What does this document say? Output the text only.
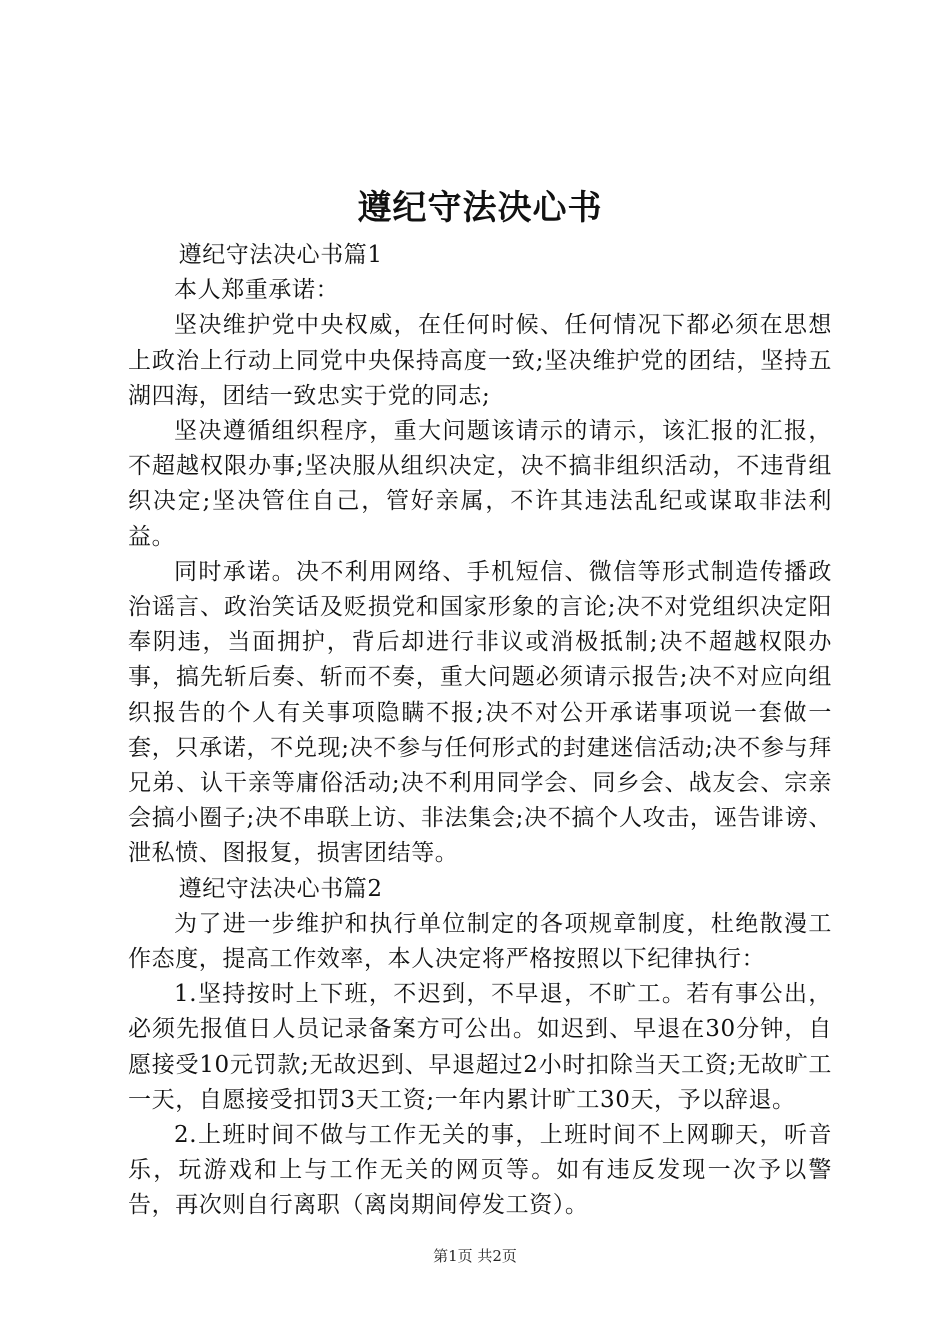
遵纪守法决心书

遵纪守法决心书篇1

本人郑重承诺：

坚决维护党中央权威，在任何时候、任何情况下都必须在思想上政治上行动上同党中央保持高度一致;坚决维护党的团结，坚持五湖四海，团结一致忠实于党的同志;

坚决遵循组织程序，重大问题该请示的请示，该汇报的汇报，不超越权限办事;坚决服从组织决定，决不搞非组织活动，不违背组织决定;坚决管住自己，管好亲属，不许其违法乱纪或谋取非法利益。

同时承诺。决不利用网络、手机短信、微信等形式制造传播政治谣言、政治笑话及贬损党和国家形象的言论;决不对党组织决定阳奉阴违，当面拥护，背后却进行非议或消极抵制;决不超越权限办事，搞先斩后奏、斩而不奏，重大问题必须请示报告;决不对应向组织报告的个人有关事项隐瞒不报;决不对公开承诺事项说一套做一套，只承诺，不兑现;决不参与任何形式的封建迷信活动;决不参与拜兄弟、认干亲等庸俗活动;决不利用同学会、同乡会、战友会、宗亲会搞小圈子;决不串联上访、非法集会;决不搞个人攻击，诬告诽谤、泄私愤、图报复，损害团结等。

遵纪守法决心书篇2

为了进一步维护和执行单位制定的各项规章制度，杜绝散漫工作态度，提高工作效率，本人决定将严格按照以下纪律执行：

1.坚持按时上下班，不迟到，不早退，不旷工。若有事公出，必须先报值日人员记录备案方可公出。如迟到、早退在30分钟，自愿接受10元罚款;无故迟到、早退超过2小时扣除当天工资;无故旷工一天，自愿接受扣罚3天工资;一年内累计旷工30天，予以辞退。

2.上班时间不做与工作无关的事，上班时间不上网聊天，听音乐，玩游戏和上与工作无关的网页等。如有违反发现一次予以警告，再次则自行离职（离岗期间停发工资）。

第1页 共2页
